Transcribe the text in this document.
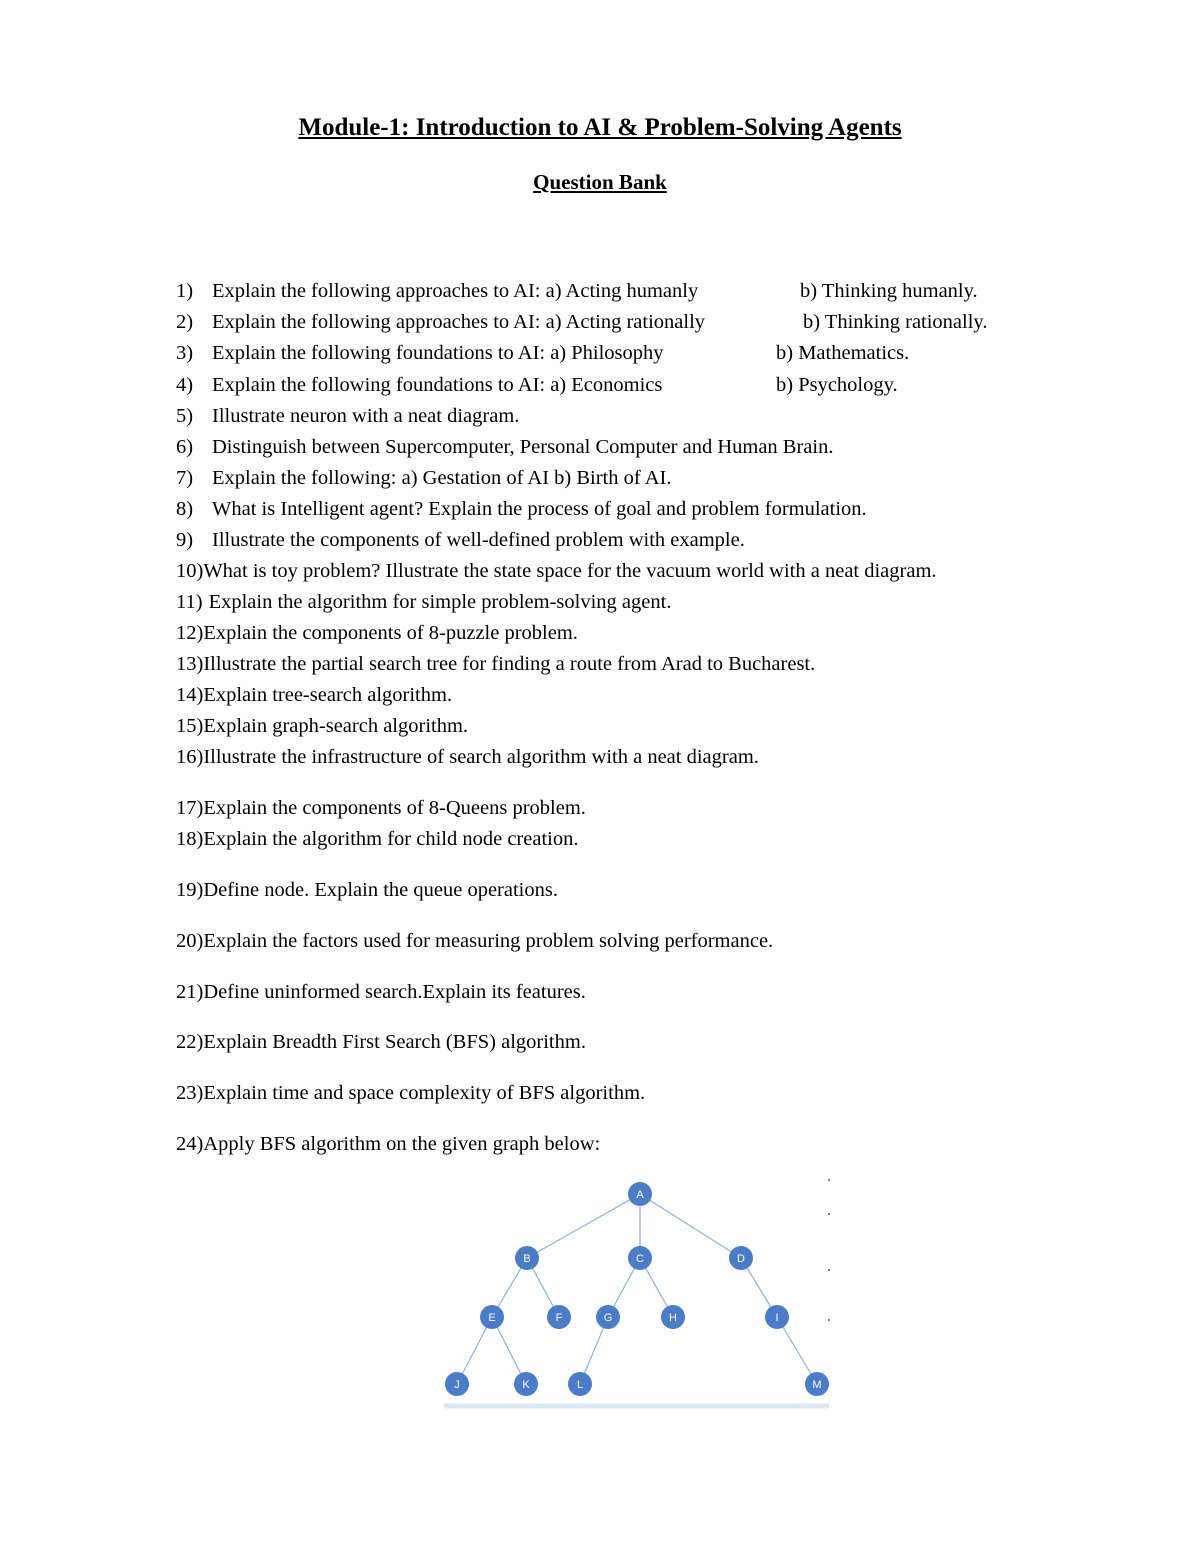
Module-1: Introduction to AI & Problem-Solving Agents
Question Bank
1) Explain the following approaches to AI: a) Acting humanly	b) Thinking humanly.
2) Explain the following approaches to AI: a) Acting rationally	b) Thinking rationally.
3) Explain the following foundations to AI: a) Philosophy	b) Mathematics.
4) Explain the following foundations to AI: a) Economics	b) Psychology.
5) Illustrate neuron with a neat diagram.
6) Distinguish between Supercomputer, Personal Computer and Human Brain.
7) Explain the following: a) Gestation of AI b) Birth of AI.
8) What is Intelligent agent? Explain the process of goal and problem formulation.
9) Illustrate the components of well-defined problem with example.
10)What is toy problem? Illustrate the state space for the vacuum world with a neat diagram.
11) Explain the algorithm for simple problem-solving agent.
12)Explain the components of 8-puzzle problem.
13)Illustrate the partial search tree for finding a route from Arad to Bucharest.
14)Explain tree-search algorithm.
15)Explain graph-search algorithm.
16)Illustrate the infrastructure of search algorithm with a neat diagram.
17)Explain the components of 8-Queens problem.
18)Explain the algorithm for child node creation.
19)Define node. Explain the queue operations.
20)Explain the factors used for measuring problem solving performance.
21)Define uninformed search.Explain its features.
22)Explain Breadth First Search (BFS) algorithm.
23)Explain time and space complexity of BFS algorithm.
24)Apply BFS algorithm on the given graph below:
A
B	C	D
E	F	G	H	I
J	K	L	M
